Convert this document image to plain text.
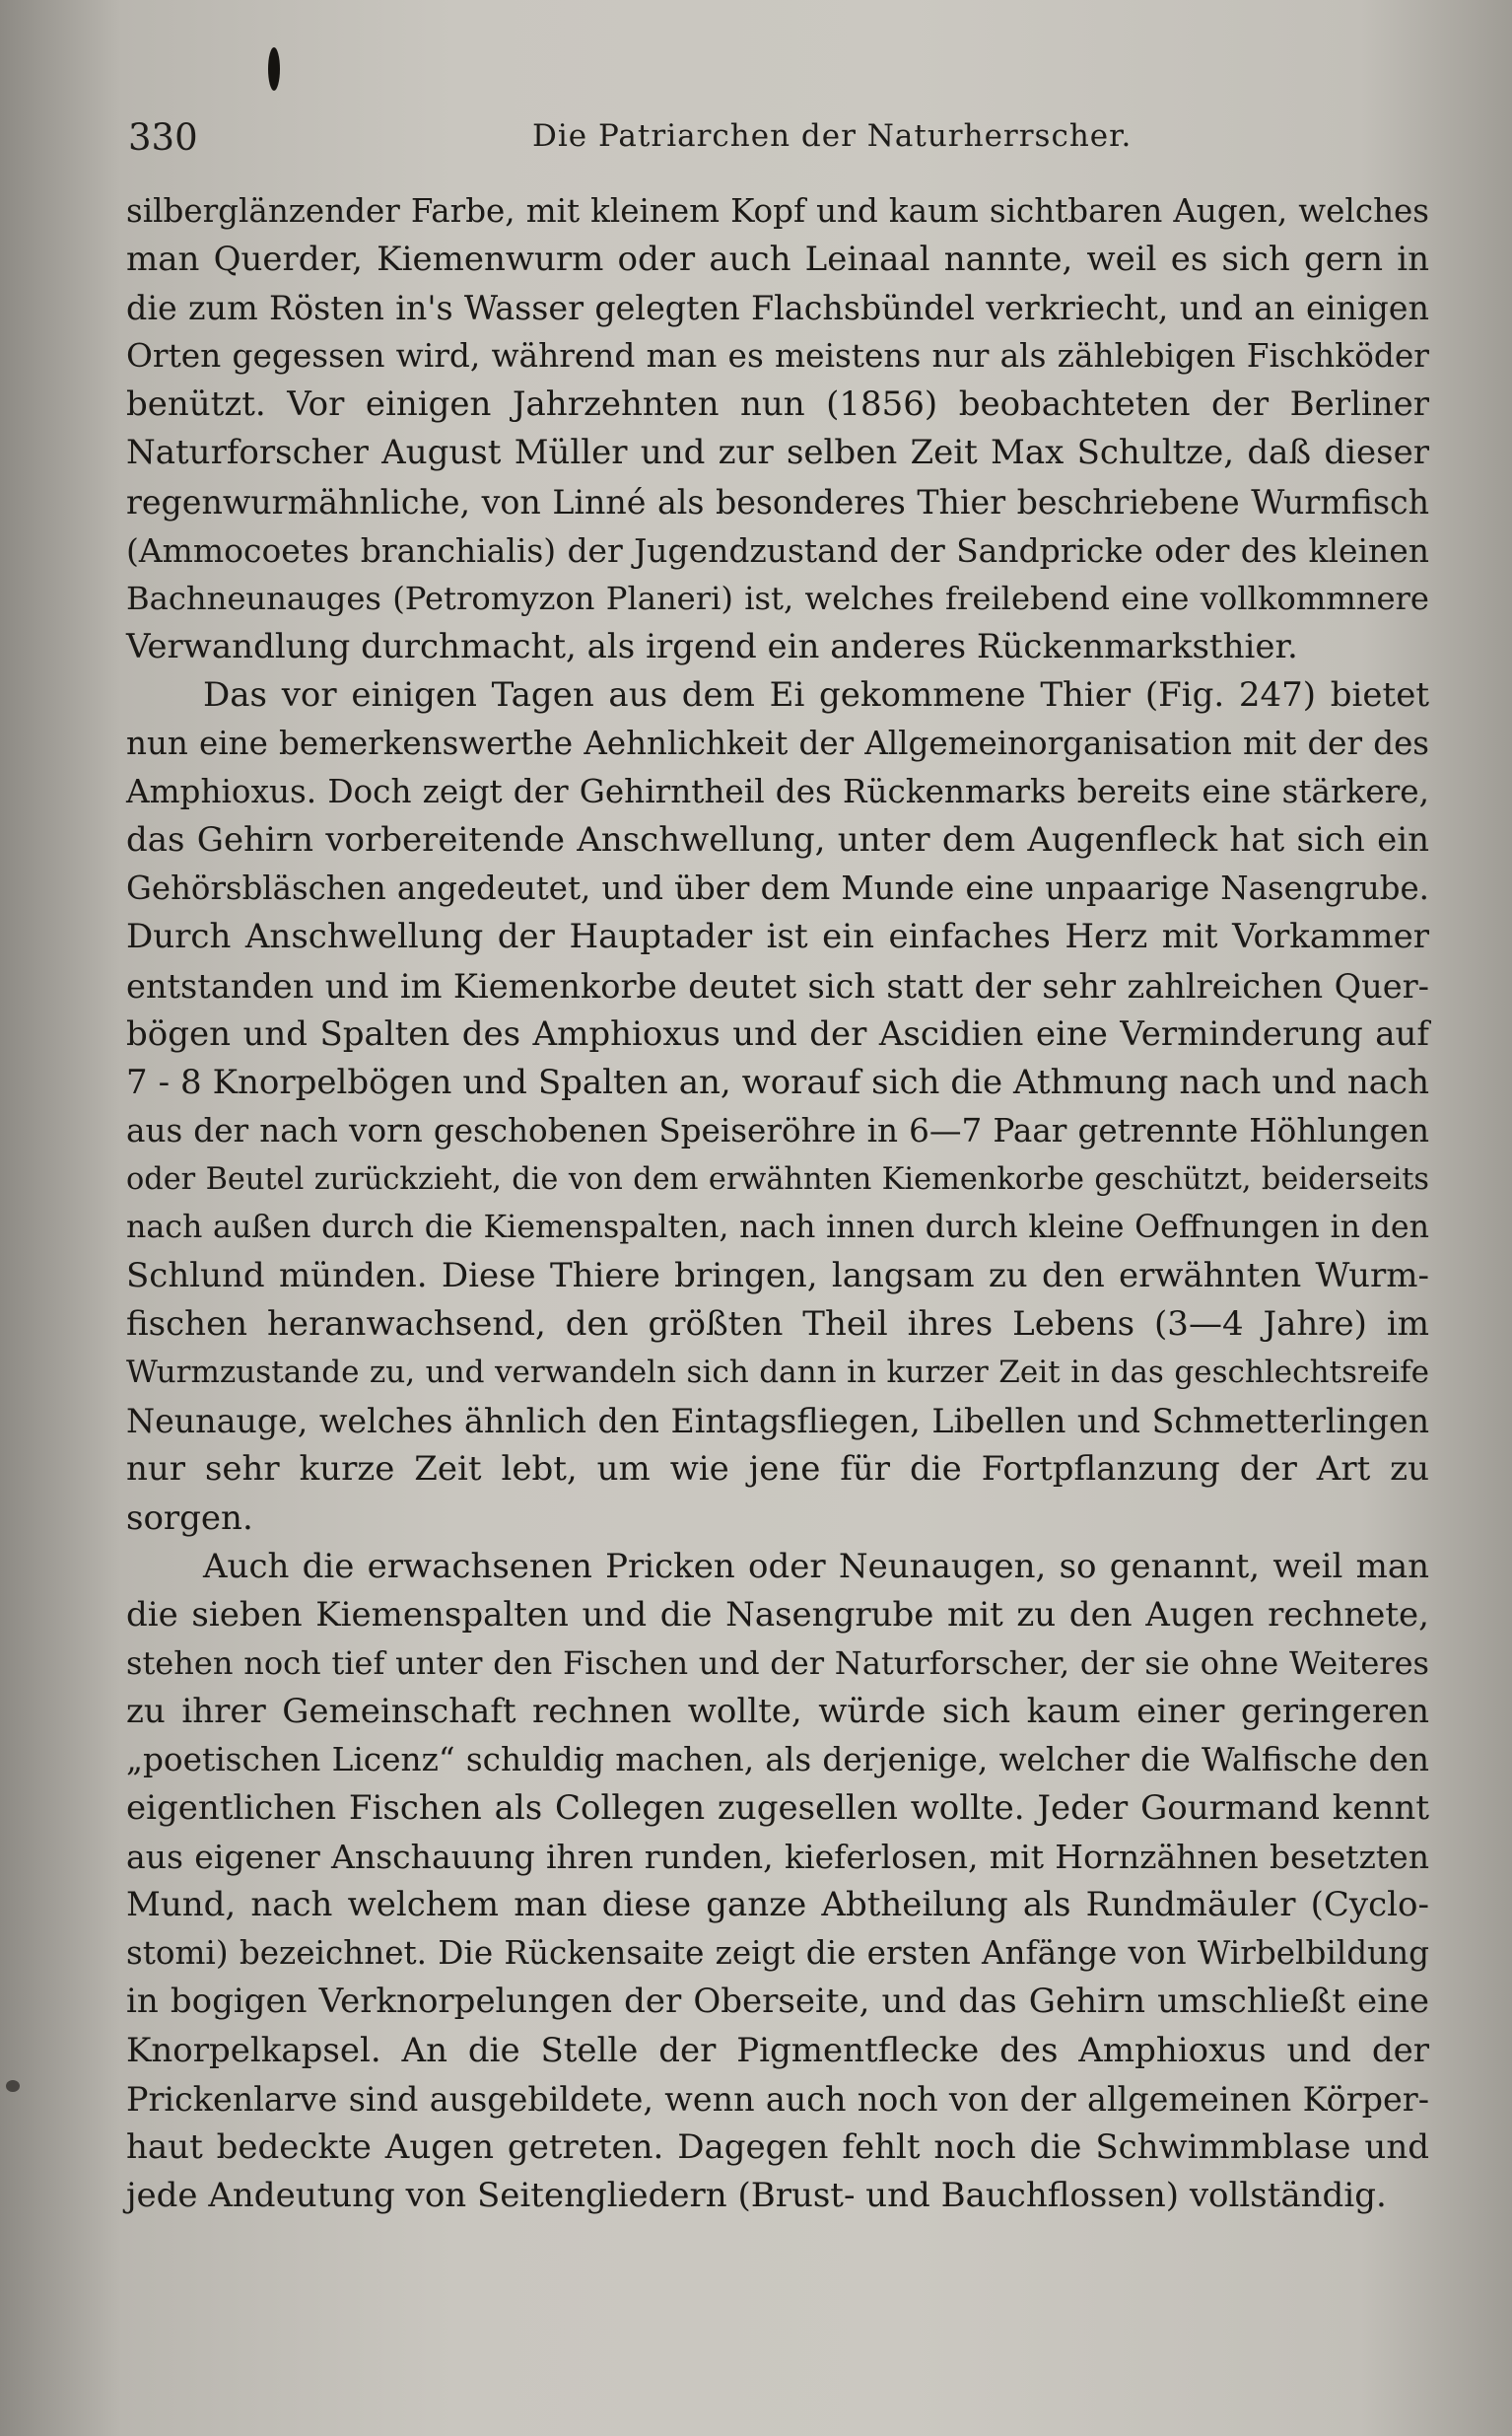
330	Die Patriarchen der Naturherrscher.

silberglänzender Farbe, mit kleinem Kopf und kaum sichtbaren Augen, welches
man Querder, Kiemenwurm oder auch Leinaal nannte, weil es sich gern in
die zum Rösten in's Wasser gelegten Flachsbündel verkriecht, und an einigen
Orten gegessen wird, während man es meistens nur als zählebigen Fischköder
benützt. Vor einigen Jahrzehnten nun (1856) beobachteten der Berliner
Naturforscher August Müller und zur selben Zeit Max Schultze, daß dieser
regenwurmähnliche, von Linné als besonderes Thier beschriebene Wurmfisch
(Ammocoetes branchialis) der Jugendzustand der Sandpricke oder des kleinen
Bachneunauges (Petromyzon Planeri) ist, welches freilebend eine vollkommnere
Verwandlung durchmacht, als irgend ein anderes Rückenmarksthier.

Das vor einigen Tagen aus dem Ei gekommene Thier (Fig. 247) bietet
nun eine bemerkenswerthe Aehnlichkeit der Allgemeinorganisation mit der des
Amphioxus. Doch zeigt der Gehirntheil des Rückenmarks bereits eine stärkere,
das Gehirn vorbereitende Anschwellung, unter dem Augenfleck hat sich ein
Gehörsbläschen angedeutet, und über dem Munde eine unpaarige Nasengrube.
Durch Anschwellung der Hauptader ist ein einfaches Herz mit Vorkammer
entstanden und im Kiemenkorbe deutet sich statt der sehr zahlreichen Quer-
bögen und Spalten des Amphioxus und der Ascidien eine Verminderung auf
7 - 8 Knorpelbögen und Spalten an, worauf sich die Athmung nach und nach
aus der nach vorn geschobenen Speiseröhre in 6—7 Paar getrennte Höhlungen
oder Beutel zurückzieht, die von dem erwähnten Kiemenkorbe geschützt, beiderseits
nach außen durch die Kiemenspalten, nach innen durch kleine Oeffnungen in den
Schlund münden. Diese Thiere bringen, langsam zu den erwähnten Wurm-
fischen heranwachsend, den größten Theil ihres Lebens (3—4 Jahre) im
Wurmzustande zu, und verwandeln sich dann in kurzer Zeit in das geschlechtsreife
Neunauge, welches ähnlich den Eintagsfliegen, Libellen und Schmetterlingen
nur sehr kurze Zeit lebt, um wie jene für die Fortpflanzung der Art zu
sorgen.

Auch die erwachsenen Pricken oder Neunaugen, so genannt, weil man
die sieben Kiemenspalten und die Nasengrube mit zu den Augen rechnete,
stehen noch tief unter den Fischen und der Naturforscher, der sie ohne Weiteres
zu ihrer Gemeinschaft rechnen wollte, würde sich kaum einer geringeren
„poetischen Licenz“ schuldig machen, als derjenige, welcher die Walfische den
eigentlichen Fischen als Collegen zugesellen wollte. Jeder Gourmand kennt
aus eigener Anschauung ihren runden, kieferlosen, mit Hornzähnen besetzten
Mund, nach welchem man diese ganze Abtheilung als Rundmäuler (Cyclo-
stomi) bezeichnet. Die Rückensaite zeigt die ersten Anfänge von Wirbelbildung
in bogigen Verknorpelungen der Oberseite, und das Gehirn umschließt eine
Knorpelkapsel. An die Stelle der Pigmentflecke des Amphioxus und der
Prickenlarve sind ausgebildete, wenn auch noch von der allgemeinen Körper-
haut bedeckte Augen getreten. Dagegen fehlt noch die Schwimmblase und
jede Andeutung von Seitengliedern (Brust- und Bauchflossen) vollständig.
